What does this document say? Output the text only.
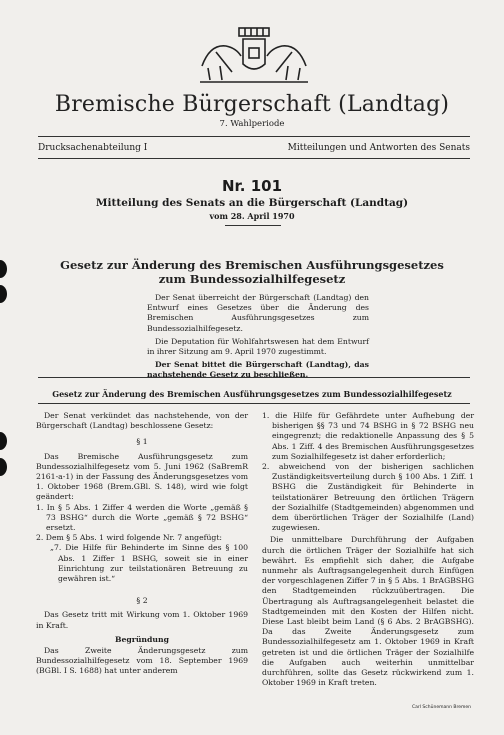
Bremische Bürgerschaft (Landtag)
7. Wahlperiode
Drucksachenabteilung I	Mitteilungen und Antworten des Senats
Nr. 101
Mitteilung des Senats an die Bürgerschaft (Landtag)
vom 28. April 1970
Gesetz zur Änderung des Bremischen Ausführungsgesetzes
zum Bundessozialhilfegesetz

Der Senat überreicht der Bürgerschaft (Landtag) den Entwurf eines Gesetzes über die Änderung des Bremischen Ausführungsgesetzes zum Bundessozialhilfegesetz.

Die Deputation für Wohlfahrtswesen hat dem Entwurf in ihrer Sitzung am 9. April 1970 zugestimmt.

Der Senat bittet die Bürgerschaft (Landtag), das nachstehende Gesetz zu beschließen.

Gesetz zur Änderung des Bremischen Ausführungsgesetzes zum Bundessozialhilfegesetz

Der Senat verkündet das nachstehende, von der Bürgerschaft (Landtag) beschlossene Gesetz:

§ 1

Das Bremische Ausführungsgesetz zum Bundessozialhilfegesetz vom 5. Juni 1962 (SaBremR 2161-a-1) in der Fassung des Änderungsgesetzes vom 1. Oktober 1968 (Brem.GBl. S. 148), wird wie folgt geändert:

1. In § 5 Abs. 1 Ziffer 4 werden die Worte „gemäß § 73 BSHG“ durch die Worte „gemäß § 72 BSHG“ ersetzt.

2. Dem § 5 Abs. 1 wird folgende Nr. 7 angefügt:

„7. Die Hilfe für Behinderte im Sinne des § 100 Abs. 1 Ziffer 1 BSHG, soweit sie in einer Einrichtung zur teilstationären Betreuung zu gewähren ist.“

§ 2

Das Gesetz tritt mit Wirkung vom 1. Oktober 1969 in Kraft.

Begründung

Das Zweite Änderungsgesetz zum Bundessozialhilfegesetz vom 18. September 1969 (BGBl. I S. 1688) hat unter anderem

1. die Hilfe für Gefährdete unter Aufhebung der bisherigen §§ 73 und 74 BSHG in § 72 BSHG neu eingegrenzt; die redaktionelle Anpassung des § 5 Abs. 1 Ziff. 4 des Bremischen Ausführungsgesetzes zum Sozialhilfegesetz ist daher erforderlich;

2. abweichend von der bisherigen sachlichen Zuständigkeitsverteilung durch § 100 Abs. 1 Ziff. 1 BSHG die Zuständigkeit für Behinderte in teilstationärer Betreuung den örtlichen Trägern der Sozialhilfe (Stadtgemeinden) abgenommen und dem überörtlichen Träger der Sozialhilfe (Land) zugewiesen.

Die unmittelbare Durchführung der Aufgaben durch die örtlichen Träger der Sozialhilfe hat sich bewährt. Es empfiehlt sich daher, die Aufgabe nunmehr als Auftragsangelegenheit durch Einfügen der vorgeschlagenen Ziffer 7 in § 5 Abs. 1 BrAGBSHG den Stadtgemeinden rückzuübertragen. Die Übertragung als Auftragsangelegenheit belastet die Stadtgemeinden mit den Kosten der Hilfen nicht. Diese Last bleibt beim Land (§ 6 Abs. 2 BrAGBSHG). Da das Zweite Änderungsgesetz zum Bundessozialhilfegesetz am 1. Oktober 1969 in Kraft getreten ist und die örtlichen Träger der Sozialhilfe die Aufgaben auch weiterhin unmittelbar durchführen, sollte das Gesetz rückwirkend zum 1. Oktober 1969 in Kraft treten.

Carl Schünemann Bremen
